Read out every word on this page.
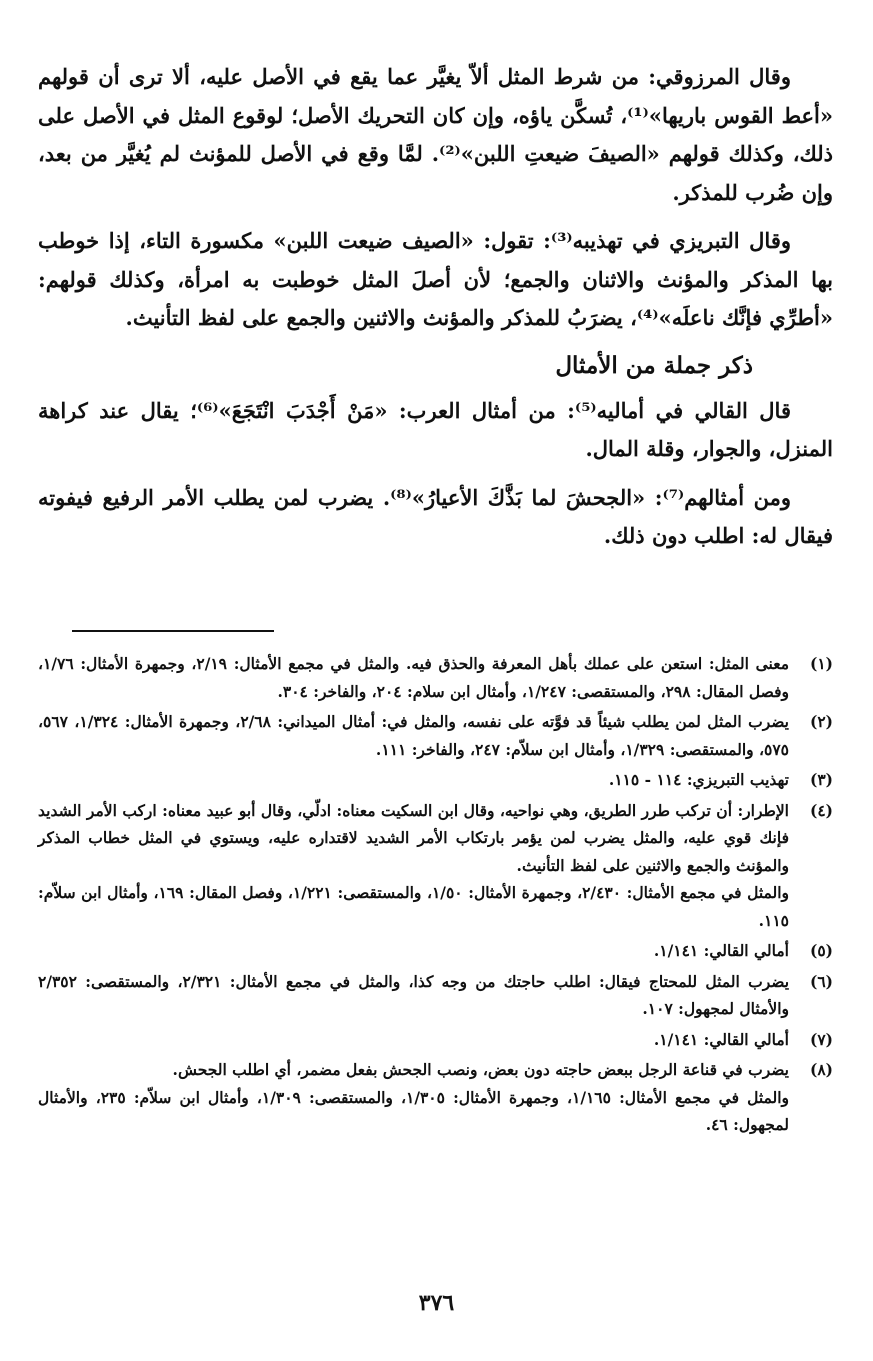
وقال المرزوقي: من شرط المثل ألاّ يغيَّر عما يقع في الأصل عليه، ألا ترى أن قولهم «أعط القوس باريها»⁽¹⁾، تُسكَّن ياؤه، وإن كان التحريك الأصل؛ لوقوع المثل في الأصل على ذلك، وكذلك قولهم «الصيفَ ضيعتِ اللبن»⁽²⁾. لمَّا وقع في الأصل للمؤنث لم يُغيَّر من بعد، وإن ضُرب للمذكر.

وقال التبريزي في تهذيبه⁽³⁾: تقول: «الصيف ضيعت اللبن» مكسورة التاء، إذا خوطب بها المذكر والمؤنث والاثنان والجمع؛ لأن أصلَ المثل خوطبت به امرأة، وكذلك قولهم: «أطرِّي فإنَّك ناعلَه»⁽⁴⁾، يضرَبُ للمذكر والمؤنث والاثنين والجمع على لفظ التأنيث.

ذكر جملة من الأمثال

قال القالي في أماليه⁽⁵⁾: من أمثال العرب: «مَنْ أَجْدَبَ انْتَجَعَ»⁽⁶⁾؛ يقال عند كراهة المنزل، والجوار، وقلة المال.

ومن أمثالهم⁽⁷⁾: «الجحشَ لما بَذَّكَ الأعيارُ»⁽⁸⁾. يضرب لمن يطلب الأمر الرفيع فيفوته فيقال له: اطلب دون ذلك.

(١)
معنى المثل: استعن على عملك بأهل المعرفة والحذق فيه. والمثل في مجمع الأمثال: ٢/١٩، وجمهرة الأمثال: ١/٧٦، وفصل المقال: ٢٩٨، والمستقصى: ١/٢٤٧، وأمثال ابن سلام: ٢٠٤، والفاخر: ٣٠٤.
(٢)
يضرب المثل لمن يطلب شيئاً قد فوَّته على نفسه، والمثل في: أمثال الميداني: ٢/٦٨، وجمهرة الأمثال: ١/٣٢٤، ٥٦٧، ٥٧٥، والمستقصى: ١/٣٢٩، وأمثال ابن سلاّم: ٢٤٧، والفاخر: ١١١.
(٣)
تهذيب التبريزي: ١١٤ - ١١٥.
(٤)
الإطرار: أن تركب طرر الطريق، وهي نواحيه، وقال ابن السكيت معناه: ادلّي، وقال أبو عبيد معناه: اركب الأمر الشديد فإنك قوي عليه، والمثل يضرب لمن يؤمر بارتكاب الأمر الشديد لاقتداره عليه، ويستوي في المثل خطاب المذكر والمؤنث والجمع والاثنين على لفظ التأنيث.
والمثل في مجمع الأمثال: ٢/٤٣٠، وجمهرة الأمثال: ١/٥٠، والمستقصى: ١/٢٢١، وفصل المقال: ١٦٩، وأمثال ابن سلاّم: ١١٥.
(٥)
أمالي القالي: ١/١٤١.
(٦)
يضرب المثل للمحتاج فيقال: اطلب حاجتك من وجه كذا، والمثل في مجمع الأمثال: ٢/٣٢١، والمستقصى: ٢/٣٥٢ والأمثال لمجهول: ١٠٧.
(٧)
أمالي القالي: ١/١٤١.
(٨)
يضرب في قناعة الرجل ببعض حاجته دون بعض، ونصب الجحش بفعل مضمر، أي اطلب الجحش.
والمثل في مجمع الأمثال: ١/١٦٥، وجمهرة الأمثال: ١/٣٠٥، والمستقصى: ١/٣٠٩، وأمثال ابن سلاّم: ٢٣٥، والأمثال لمجهول: ٤٦.
٣٧٦
